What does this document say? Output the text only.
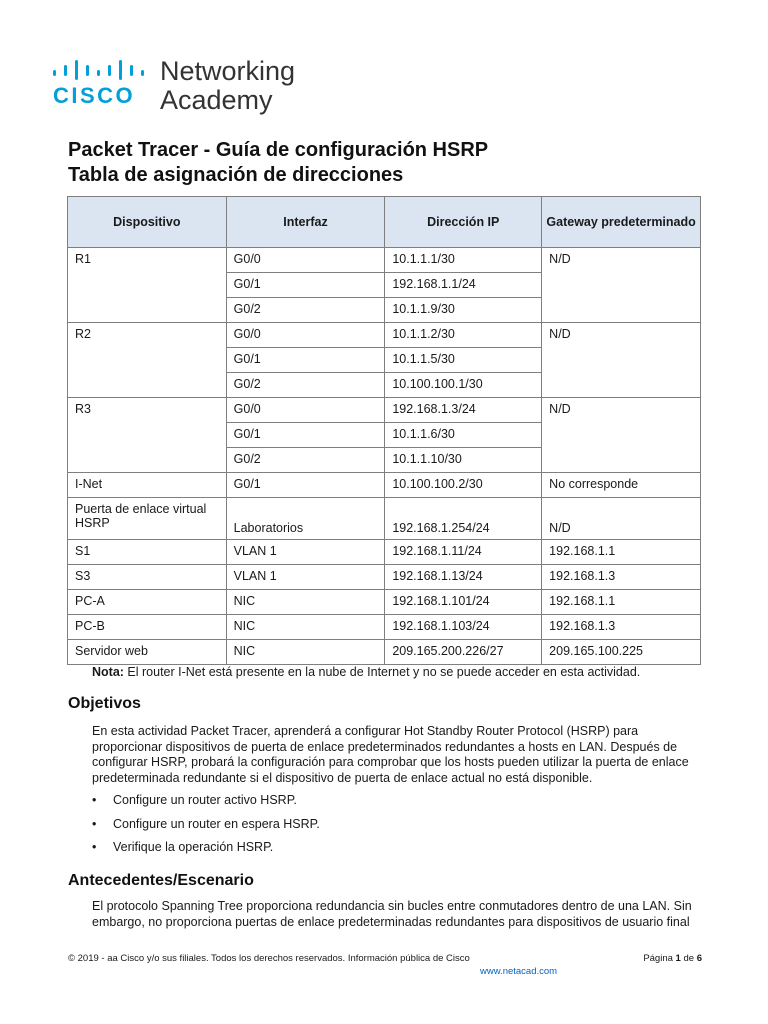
CISCO
Networking
Academy
Packet Tracer - Guía de configuración HSRP
Tabla de asignación de direcciones
Dispositivo	Interfaz	Dirección IP	Gateway predeterminado
R1	G0/0	10.1.1.1/30	N/D
	G0/1	192.168.1.1/24	
	G0/2	10.1.1.9/30	
R2	G0/0	10.1.1.2/30	N/D
	G0/1	10.1.1.5/30	
	G0/2	10.100.100.1/30	
R3	G0/0	192.168.1.3/24	N/D
	G0/1	10.1.1.6/30	
	G0/2	10.1.1.10/30	
I-Net	G0/1	10.100.100.2/30	No corresponde
Puerta de enlace virtual HSRP	Laboratorios	192.168.1.254/24	N/D
S1	VLAN 1	192.168.1.11/24	192.168.1.1
S3	VLAN 1	192.168.1.13/24	192.168.1.3
PC-A	NIC	192.168.1.101/24	192.168.1.1
PC-B	NIC	192.168.1.103/24	192.168.1.3
Servidor web	NIC	209.165.200.226/27	209.165.100.225
Nota: El router I-Net está presente en la nube de Internet y no se puede acceder en esta actividad.
Objetivos

En esta actividad Packet Tracer, aprenderá a configurar Hot Standby Router Protocol (HSRP) para proporcionar dispositivos de puerta de enlace predeterminados redundantes a hosts en LAN. Después de configurar HSRP, probará la configuración para comprobar que los hosts pueden utilizar la puerta de enlace predeterminada redundante si el dispositivo de puerta de enlace actual no está disponible.

• Configure un router activo HSRP.
• Configure un router en espera HSRP.
• Verifique la operación HSRP.
Antecedentes/Escenario

El protocolo Spanning Tree proporciona redundancia sin bucles entre conmutadores dentro de una LAN. Sin embargo, no proporciona puertas de enlace predeterminadas redundantes para dispositivos de usuario final

© 2019 - aa Cisco y/o sus filiales. Todos los derechos reservados. Información pública de Cisco	Página 1 de 6
www.netacad.com
